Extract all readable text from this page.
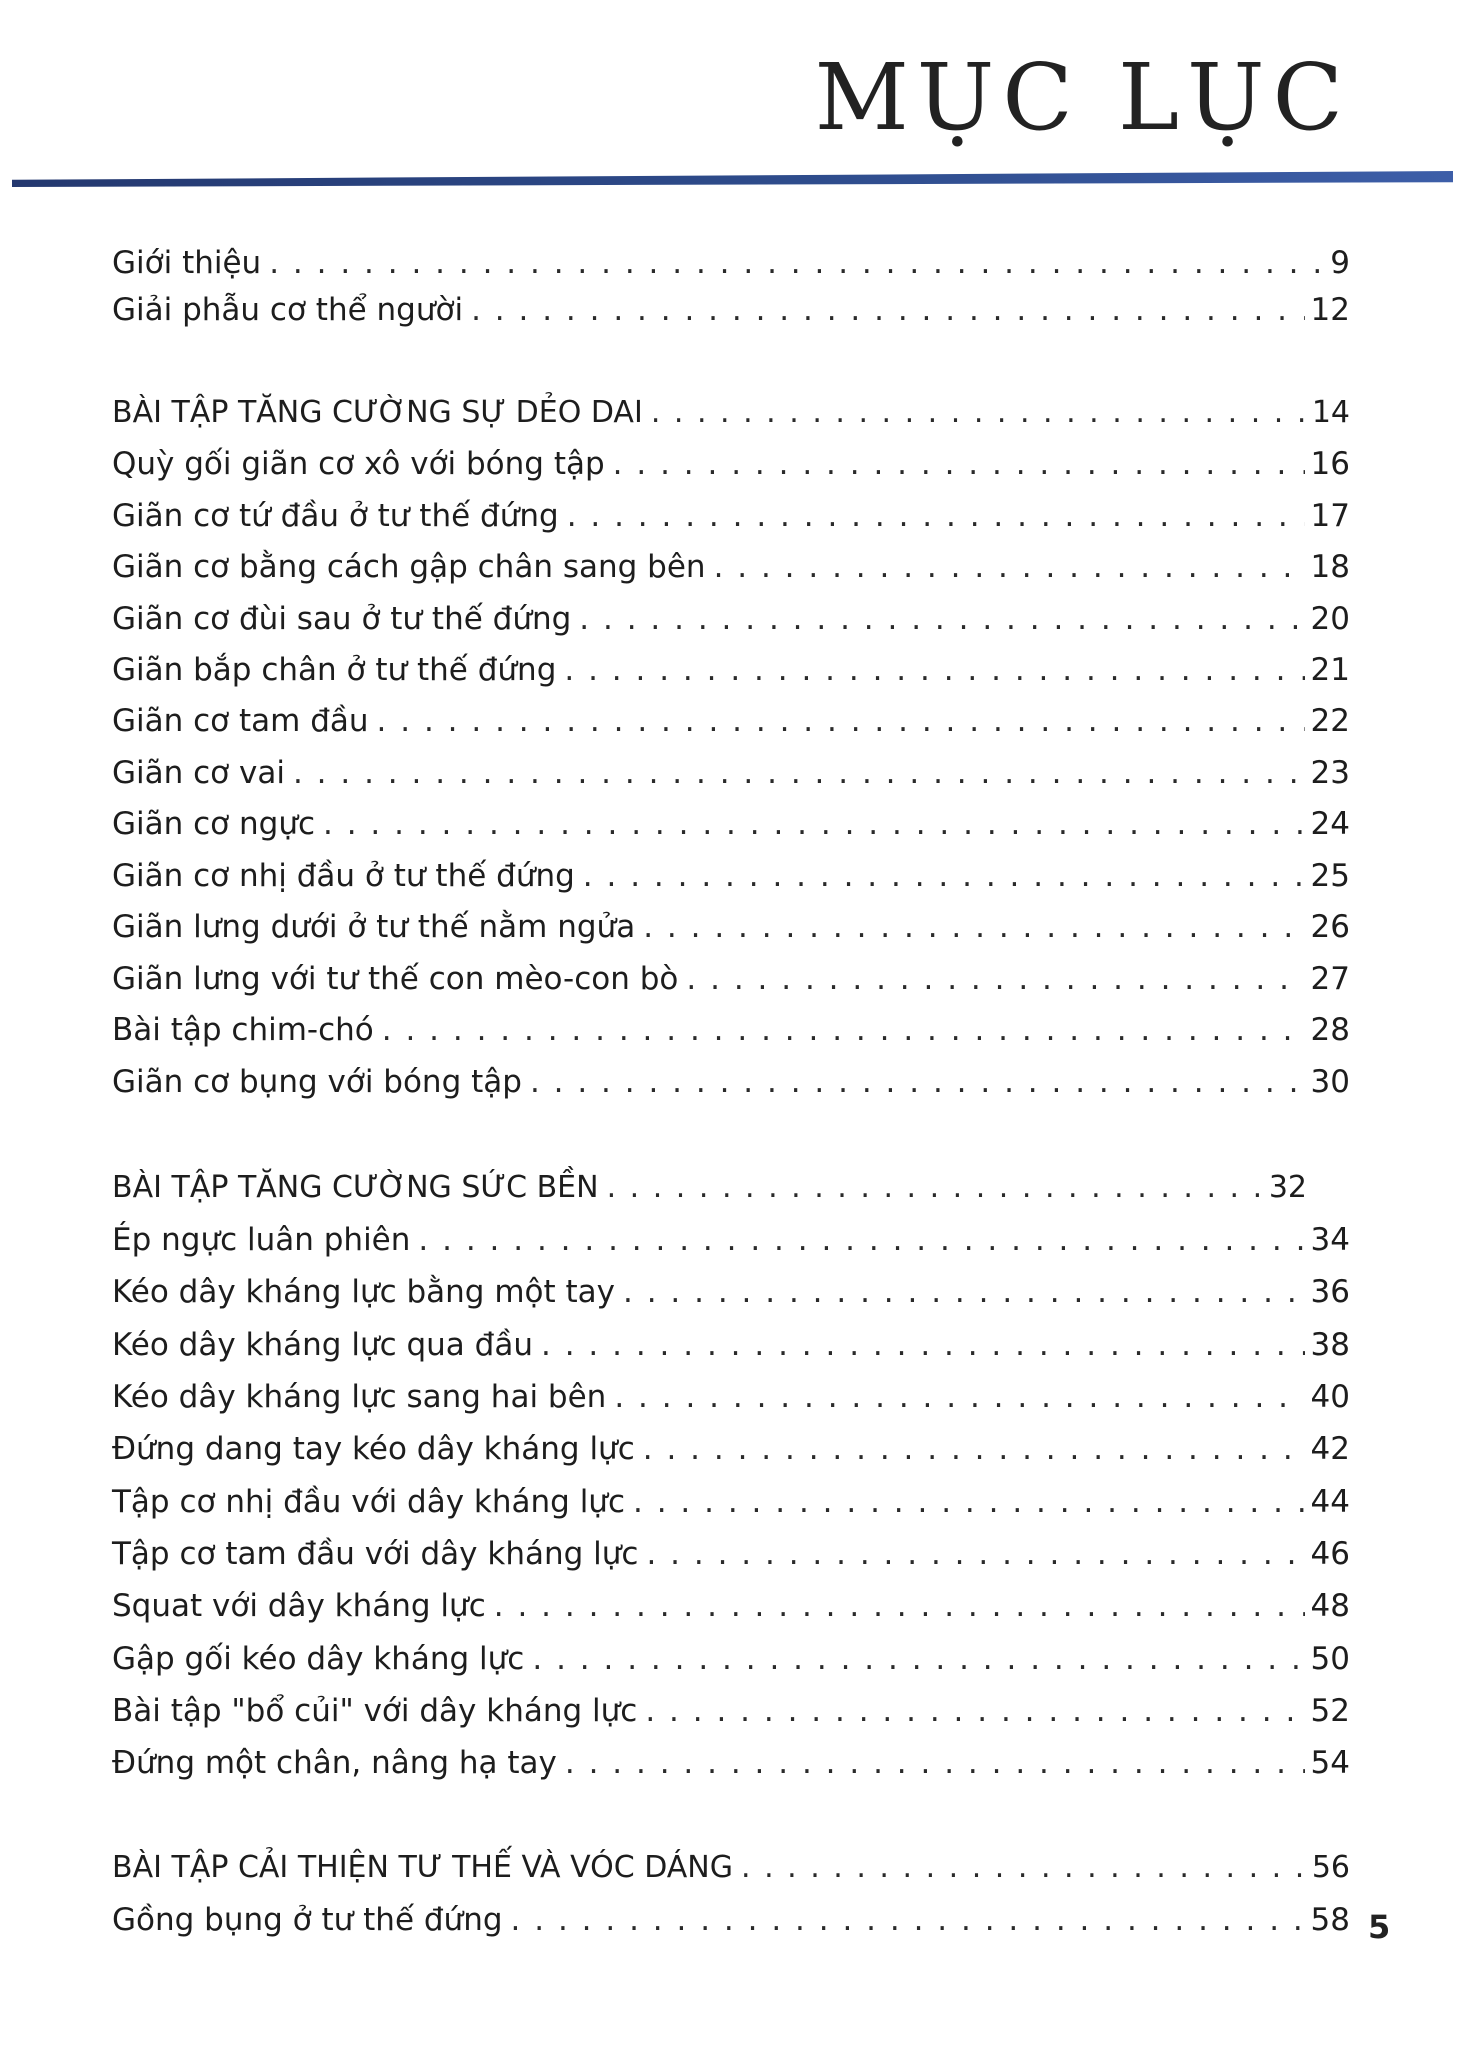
MỤC LỤC
Giới thiệu . . .	9
Giải phẫu cơ thể người . . .	12
BÀI TẬP TĂNG CƯỜNG SỰ DẺO DAI . . .	14
Quỳ gối giãn cơ xô với bóng tập . . .	16
Giãn cơ tứ đầu ở tư thế đứng . . .	17
Giãn cơ bằng cách gập chân sang bên . . .	18
Giãn cơ đùi sau ở tư thế đứng . . .	20
Giãn bắp chân ở tư thế đứng . . .	21
Giãn cơ tam đầu . . .	22
Giãn cơ vai . . .	23
Giãn cơ ngực . . .	24
Giãn cơ nhị đầu ở tư thế đứng . . .	25
Giãn lưng dưới ở tư thế nằm ngửa . . .	26
Giãn lưng với tư thế con mèo-con bò . . .	27
Bài tập chim-chó . . .	28
Giãn cơ bụng với bóng tập . . .	30
BÀI TẬP TĂNG CƯỜNG SỨC BỀN . . .	32
Ép ngực luân phiên . . .	34
Kéo dây kháng lực bằng một tay . . .	36
Kéo dây kháng lực qua đầu . . .	38
Kéo dây kháng lực sang hai bên . . .	40
Đứng dang tay kéo dây kháng lực . . .	42
Tập cơ nhị đầu với dây kháng lực . . .	44
Tập cơ tam đầu với dây kháng lực . . .	46
Squat với dây kháng lực . . .	48
Gập gối kéo dây kháng lực . . .	50
Bài tập "bổ củi" với dây kháng lực . . .	52
Đứng một chân, nâng hạ tay . . .	54
BÀI TẬP CẢI THIỆN TƯ THẾ VÀ VÓC DÁNG . . .	56
Gồng bụng ở tư thế đứng . . .	58 5
